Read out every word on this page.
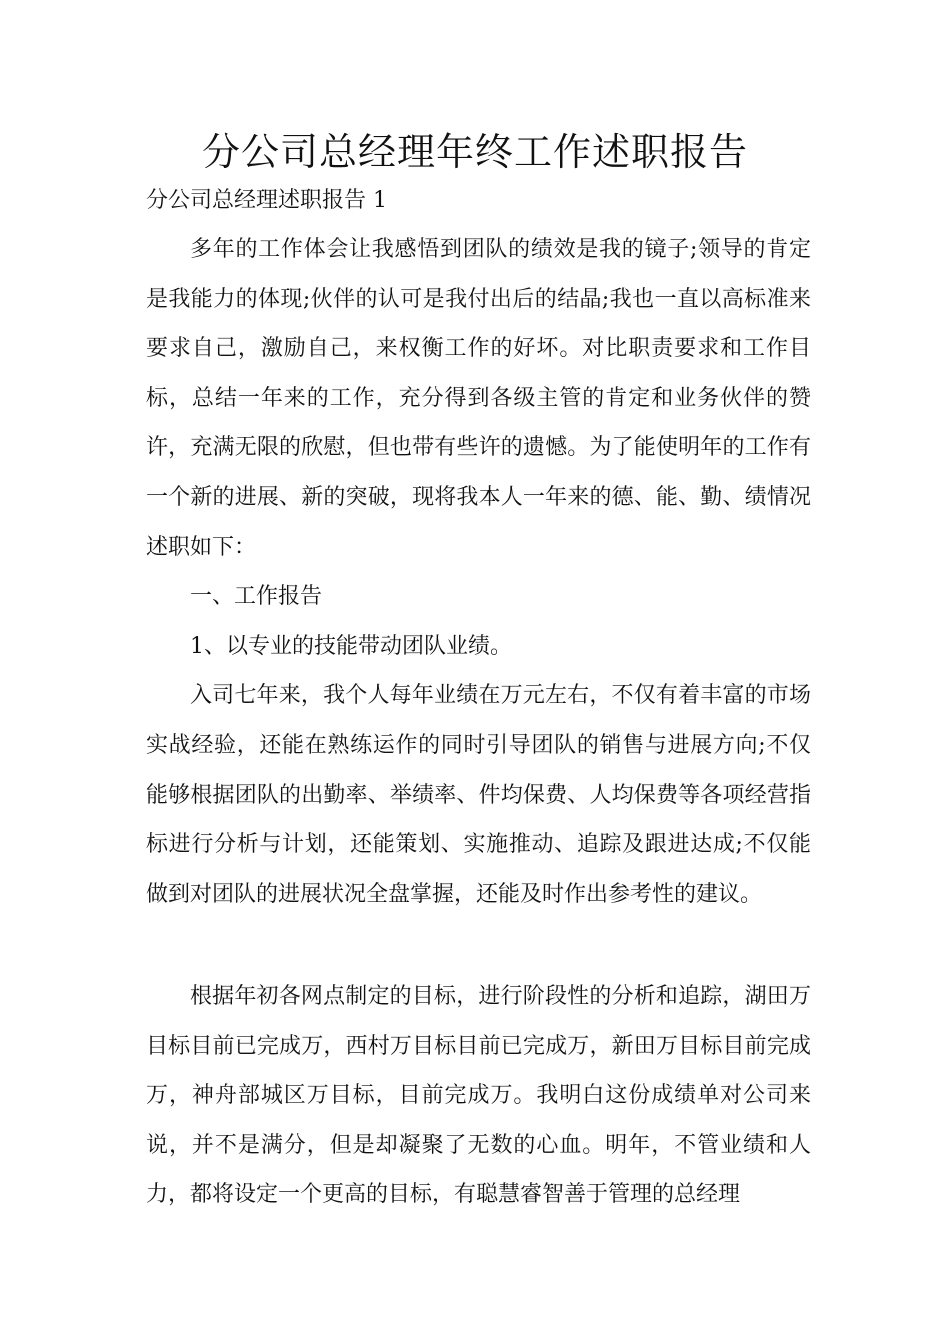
分公司总经理年终工作述职报告

分公司总经理述职报告 1

多年的工作体会让我感悟到团队的绩效是我的镜子;领导的肯定是我能力的体现;伙伴的认可是我付出后的结晶;我也一直以高标准来要求自己，激励自己，来权衡工作的好坏。对比职责要求和工作目标，总结一年来的工作，充分得到各级主管的肯定和业务伙伴的赞许，充满无限的欣慰，但也带有些许的遗憾。为了能使明年的工作有一个新的进展、新的突破，现将我本人一年来的德、能、勤、绩情况述职如下：

一、工作报告

1、以专业的技能带动团队业绩。

入司七年来，我个人每年业绩在万元左右，不仅有着丰富的市场实战经验，还能在熟练运作的同时引导团队的销售与进展方向;不仅能够根据团队的出勤率、举绩率、件均保费、人均保费等各项经营指标进行分析与计划，还能策划、实施推动、追踪及跟进达成;不仅能做到对团队的进展状况全盘掌握，还能及时作出参考性的建议。

根据年初各网点制定的目标，进行阶段性的分析和追踪，湖田万目标目前已完成万，西村万目标目前已完成万，新田万目标目前完成万，神舟部城区万目标，目前完成万。我明白这份成绩单对公司来说，并不是满分，但是却凝聚了无数的心血。明年，不管业绩和人力，都将设定一个更高的目标，有聪慧睿智善于管理的总经理
